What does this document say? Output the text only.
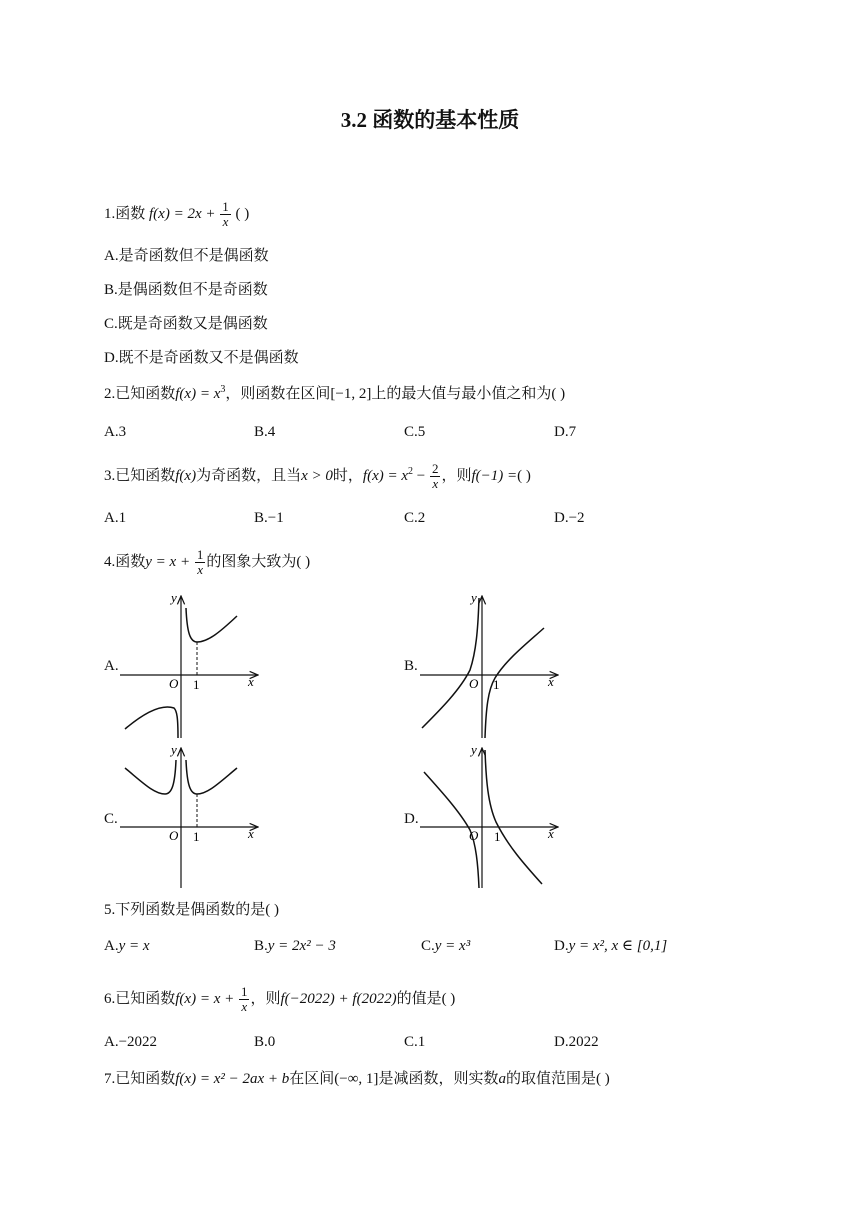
3.2 函数的基本性质
1.函数 $f(x) = 2x + \frac{1}{x}$ ( )
A.是奇函数但不是偶函数
B.是偶函数但不是奇函数
C.既是奇函数又是偶函数
D.既不是奇函数又不是偶函数
2.已知函数$f(x) = x^3$，则函数在区间[−1, 2]上的最大值与最小值之和为( )
A.3	B.4	C.5	D.7
3.已知函数f(x)为奇函数，且当x > 0时，$f(x) = x^2 - \frac{2}{x}$ ，则f(−1) =( )
A.1	B.−1	C.2	D.−2
4.函数$y = x + \frac{1}{x}$ 的图象大致为( )
A.	B.
C.	D.
O 1	x
y
O 1	x
y
O 1	x
y
O 1	x
y
5.下列函数是偶函数的是( )
A.y = x	B.y = 2x² − 3	C.y = x³	D.y = x², x ∈ [0,1]
6.已知函数$f(x) = x + \frac{1}{x}$ ，则f(−2022) + f(2022)的值是( )
A.−2022	B.0	C.1	D.2022
7.已知函数f(x) = x² − 2ax + b在区间(−∞, 1]是减函数，则实数a的取值范围是( )
